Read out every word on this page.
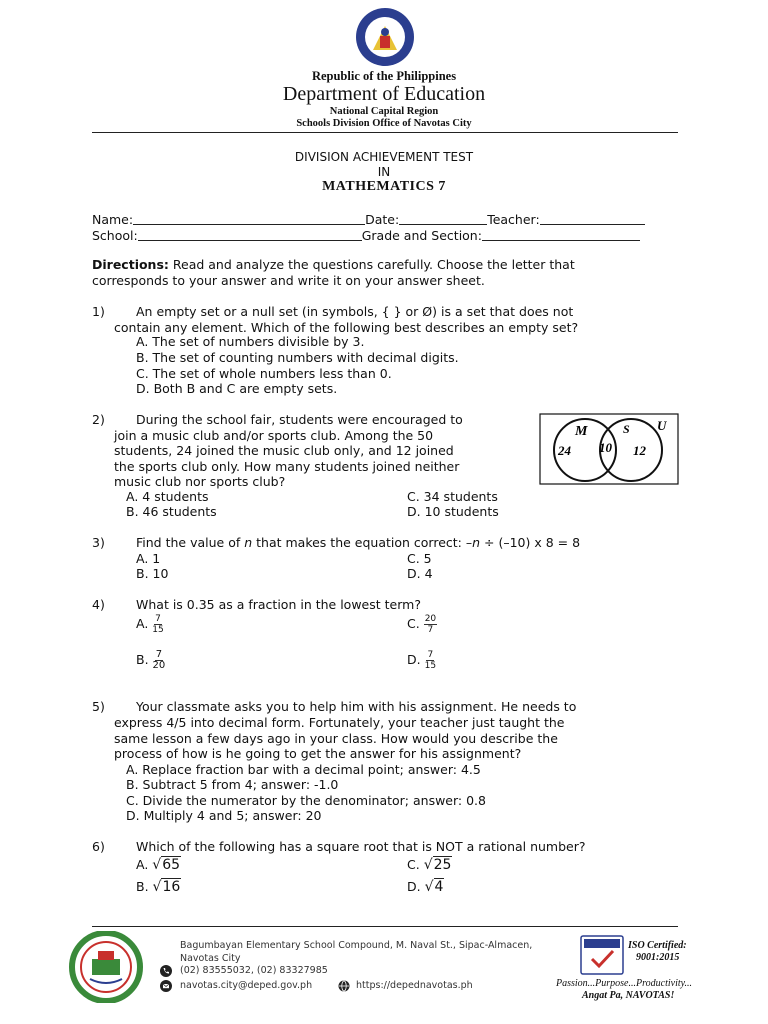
Republic of the Philippines
Department of Education
National Capital Region
Schools Division Office of Navotas City
DIVISION ACHIEVEMENT TEST
IN
MATHEMATICS 7
Name:	Date:	Teacher:
School:	Grade and Section:
Directions: Read and analyze the questions carefully. Choose the letter that
corresponds to your answer and write it on your answer sheet.
1) An empty set or a null set (in symbols, { } or Ø) is a set that does not
contain any element. Which of the following best describes an empty set?
A. The set of numbers divisible by 3.
B. The set of counting numbers with decimal digits.
C. The set of whole numbers less than 0.
D. Both B and C are empty sets.
2) During the school fair, students were encouraged to
join a music club and/or sports club. Among the 50
students, 24 joined the music club only, and 12 joined
the sports club only. How many students joined neither
music club nor sports club?
A. 4 students
B. 46 students
C. 34 students
D. 10 students
M	S U
24 10 12
3) Find the value of n that makes the equation correct: –n ÷ (–10) x 8 = 8
A. 1
B. 10
C. 5
D. 4
4) What is 0.35 as a fraction in the lowest term?
A. $\frac{7}{15}$	C. $\frac{20}{7}$
B. $\frac{7}{20}$	D. $\frac{7}{15}$
5) Your classmate asks you to help him with his assignment. He needs to
express 4/5 into decimal form. Fortunately, your teacher just taught the
same lesson a few days ago in your class. How would you describe the
process of how is he going to get the answer for his assignment?
A. Replace fraction bar with a decimal point; answer: 4.5
B. Subtract 5 from 4; answer: -1.0
C. Divide the numerator by the denominator; answer: 0.8
D. Multiply 4 and 5; answer: 20
6) Which of the following has a square root that is NOT a rational number?
A. √65	C. √25
B. √16	D. √4
Bagumbayan Elementary School Compound, M. Naval St., Sipac-Almacen,
Navotas City
(02) 83555032, (02) 83327985
navotas.city@deped.gov.ph	https://depednavotas.ph
ISO Certified:
9001:2015
Passion...Purpose...Productivity...
Angat Pa, NAVOTAS!
